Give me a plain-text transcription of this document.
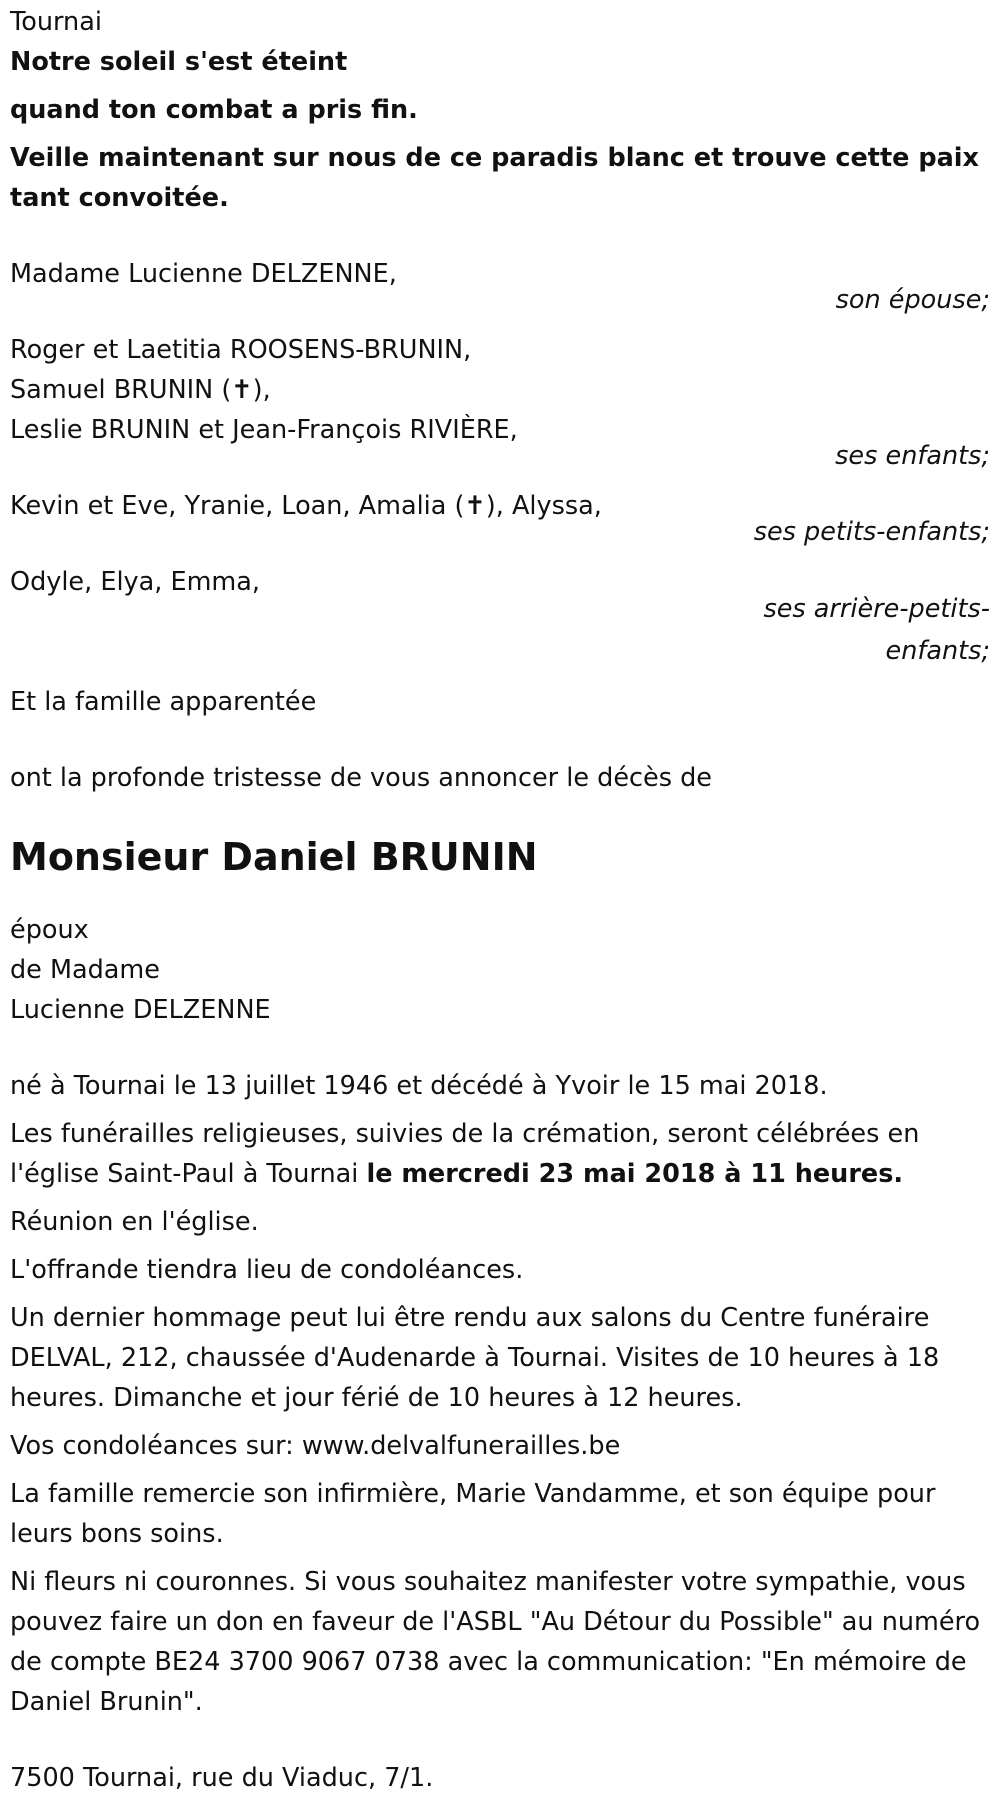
Tournai
Notre soleil s'est éteint
quand ton combat a pris fin.
Veille maintenant sur nous de ce paradis blanc et trouve cette paix tant convoitée.
Madame Lucienne DELZENNE,
son épouse;
Roger et Laetitia ROOSENS-BRUNIN,
Samuel BRUNIN (✝),
Leslie BRUNIN et Jean-François RIVIÈRE,
ses enfants;
Kevin et Eve, Yranie, Loan, Amalia (✝), Alyssa,
ses petits-enfants;
Odyle, Elya, Emma,
ses arrière-petits-enfants;
Et la famille apparentée
ont la profonde tristesse de vous annoncer le décès de
Monsieur Daniel BRUNIN
époux
de Madame
Lucienne DELZENNE
né à Tournai le 13 juillet 1946 et décédé à Yvoir le 15 mai 2018.
Les funérailles religieuses, suivies de la crémation, seront célébrées en l'église Saint-Paul à Tournai le mercredi 23 mai 2018 à 11 heures.
Réunion en l'église.
L'offrande tiendra lieu de condoléances.
Un dernier hommage peut lui être rendu aux salons du Centre funéraire DELVAL, 212, chaussée d'Audenarde à Tournai. Visites de 10 heures à 18 heures. Dimanche et jour férié de 10 heures à 12 heures.
Vos condoléances sur: www.delvalfunerailles.be
La famille remercie son infirmière, Marie Vandamme, et son équipe pour leurs bons soins.
Ni fleurs ni couronnes. Si vous souhaitez manifester votre sympathie, vous pouvez faire un don en faveur de l'ASBL "Au Détour du Possible" au numéro de compte BE24 3700 9067 0738 avec la communication: "En mémoire de Daniel Brunin".
7500 Tournai, rue du Viaduc, 7/1.
